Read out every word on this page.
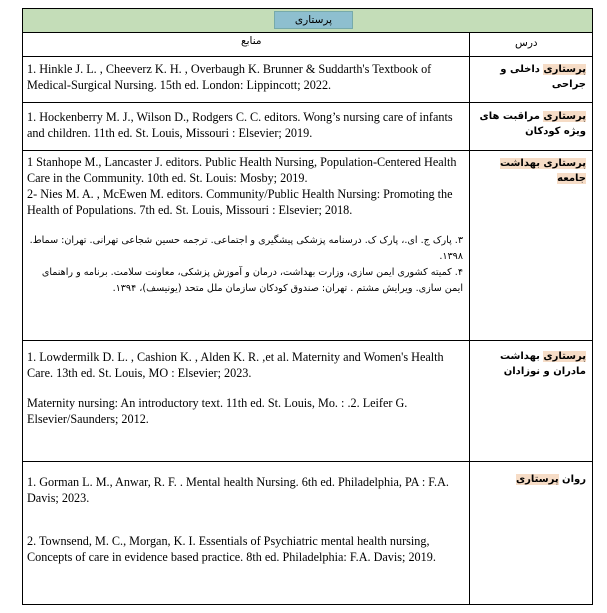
پرستاری
منابع	درس

1. Hinkle J. L. , Cheeverz K. H. , Overbaugh K. Brunner & Suddarth's Textbook of Medical-Surgical Nursing. 15th ed. London: Lippincott; 2022.

پرستاری داخلی و جراحی

1. Hockenberry M. J., Wilson D., Rodgers C. C. editors. Wong’s nursing care of infants and children. 11th ed. St. Louis, Missouri : Elsevier; 2019.

پرستاری مراقبت های ویژه کودکان

1 Stanhope M., Lancaster J. editors. Public Health Nursing, Population-Centered Health Care in the Community. 10th ed. St. Louis: Mosby; 2019.

2- Nies M. A. , McEwen M. editors. Community/Public Health Nursing: Promoting the Health of Populations. 7th ed. St. Louis, Missouri : Elsevier; 2018.

۳. پارک ج. ای.، پارک ک. درسنامه پزشکی پیشگیری و اجتماعی. ترجمه حسین شجاعی تهرانی. تهران: سماط. ۱۳۹۸.

۴. کمیته کشوری ایمن سازی، وزارت بهداشت، درمان و آموزش پزشکی، معاونت سلامت. برنامه و راهنمای ایمن سازی. ویرایش مشتم . تهران: صندوق کودکان سازمان ملل متحد (یونیسف)، ۱۳۹۴.

پرستاری بهداشت جامعه

1. Lowdermilk D. L. , Cashion K. , Alden K. R. ,et al. Maternity and Women's Health Care. 13th ed. St. Louis, MO : Elsevier; 2023.

Maternity nursing: An introductory text. 11th ed. St. Louis, Mo. : .2. Leifer G. Elsevier/Saunders; 2012.

پرستاری بهداشت مادران و نوزادان

1. Gorman L. M., Anwar, R. F. . Mental health Nursing. 6th ed. Philadelphia, PA : F.A. Davis; 2023.

2. Townsend, M. C., Morgan, K. I. Essentials of Psychiatric mental health nursing, Concepts of care in evidence based practice. 8th ed. Philadelphia: F.A. Davis; 2019.

روان پرستاری
